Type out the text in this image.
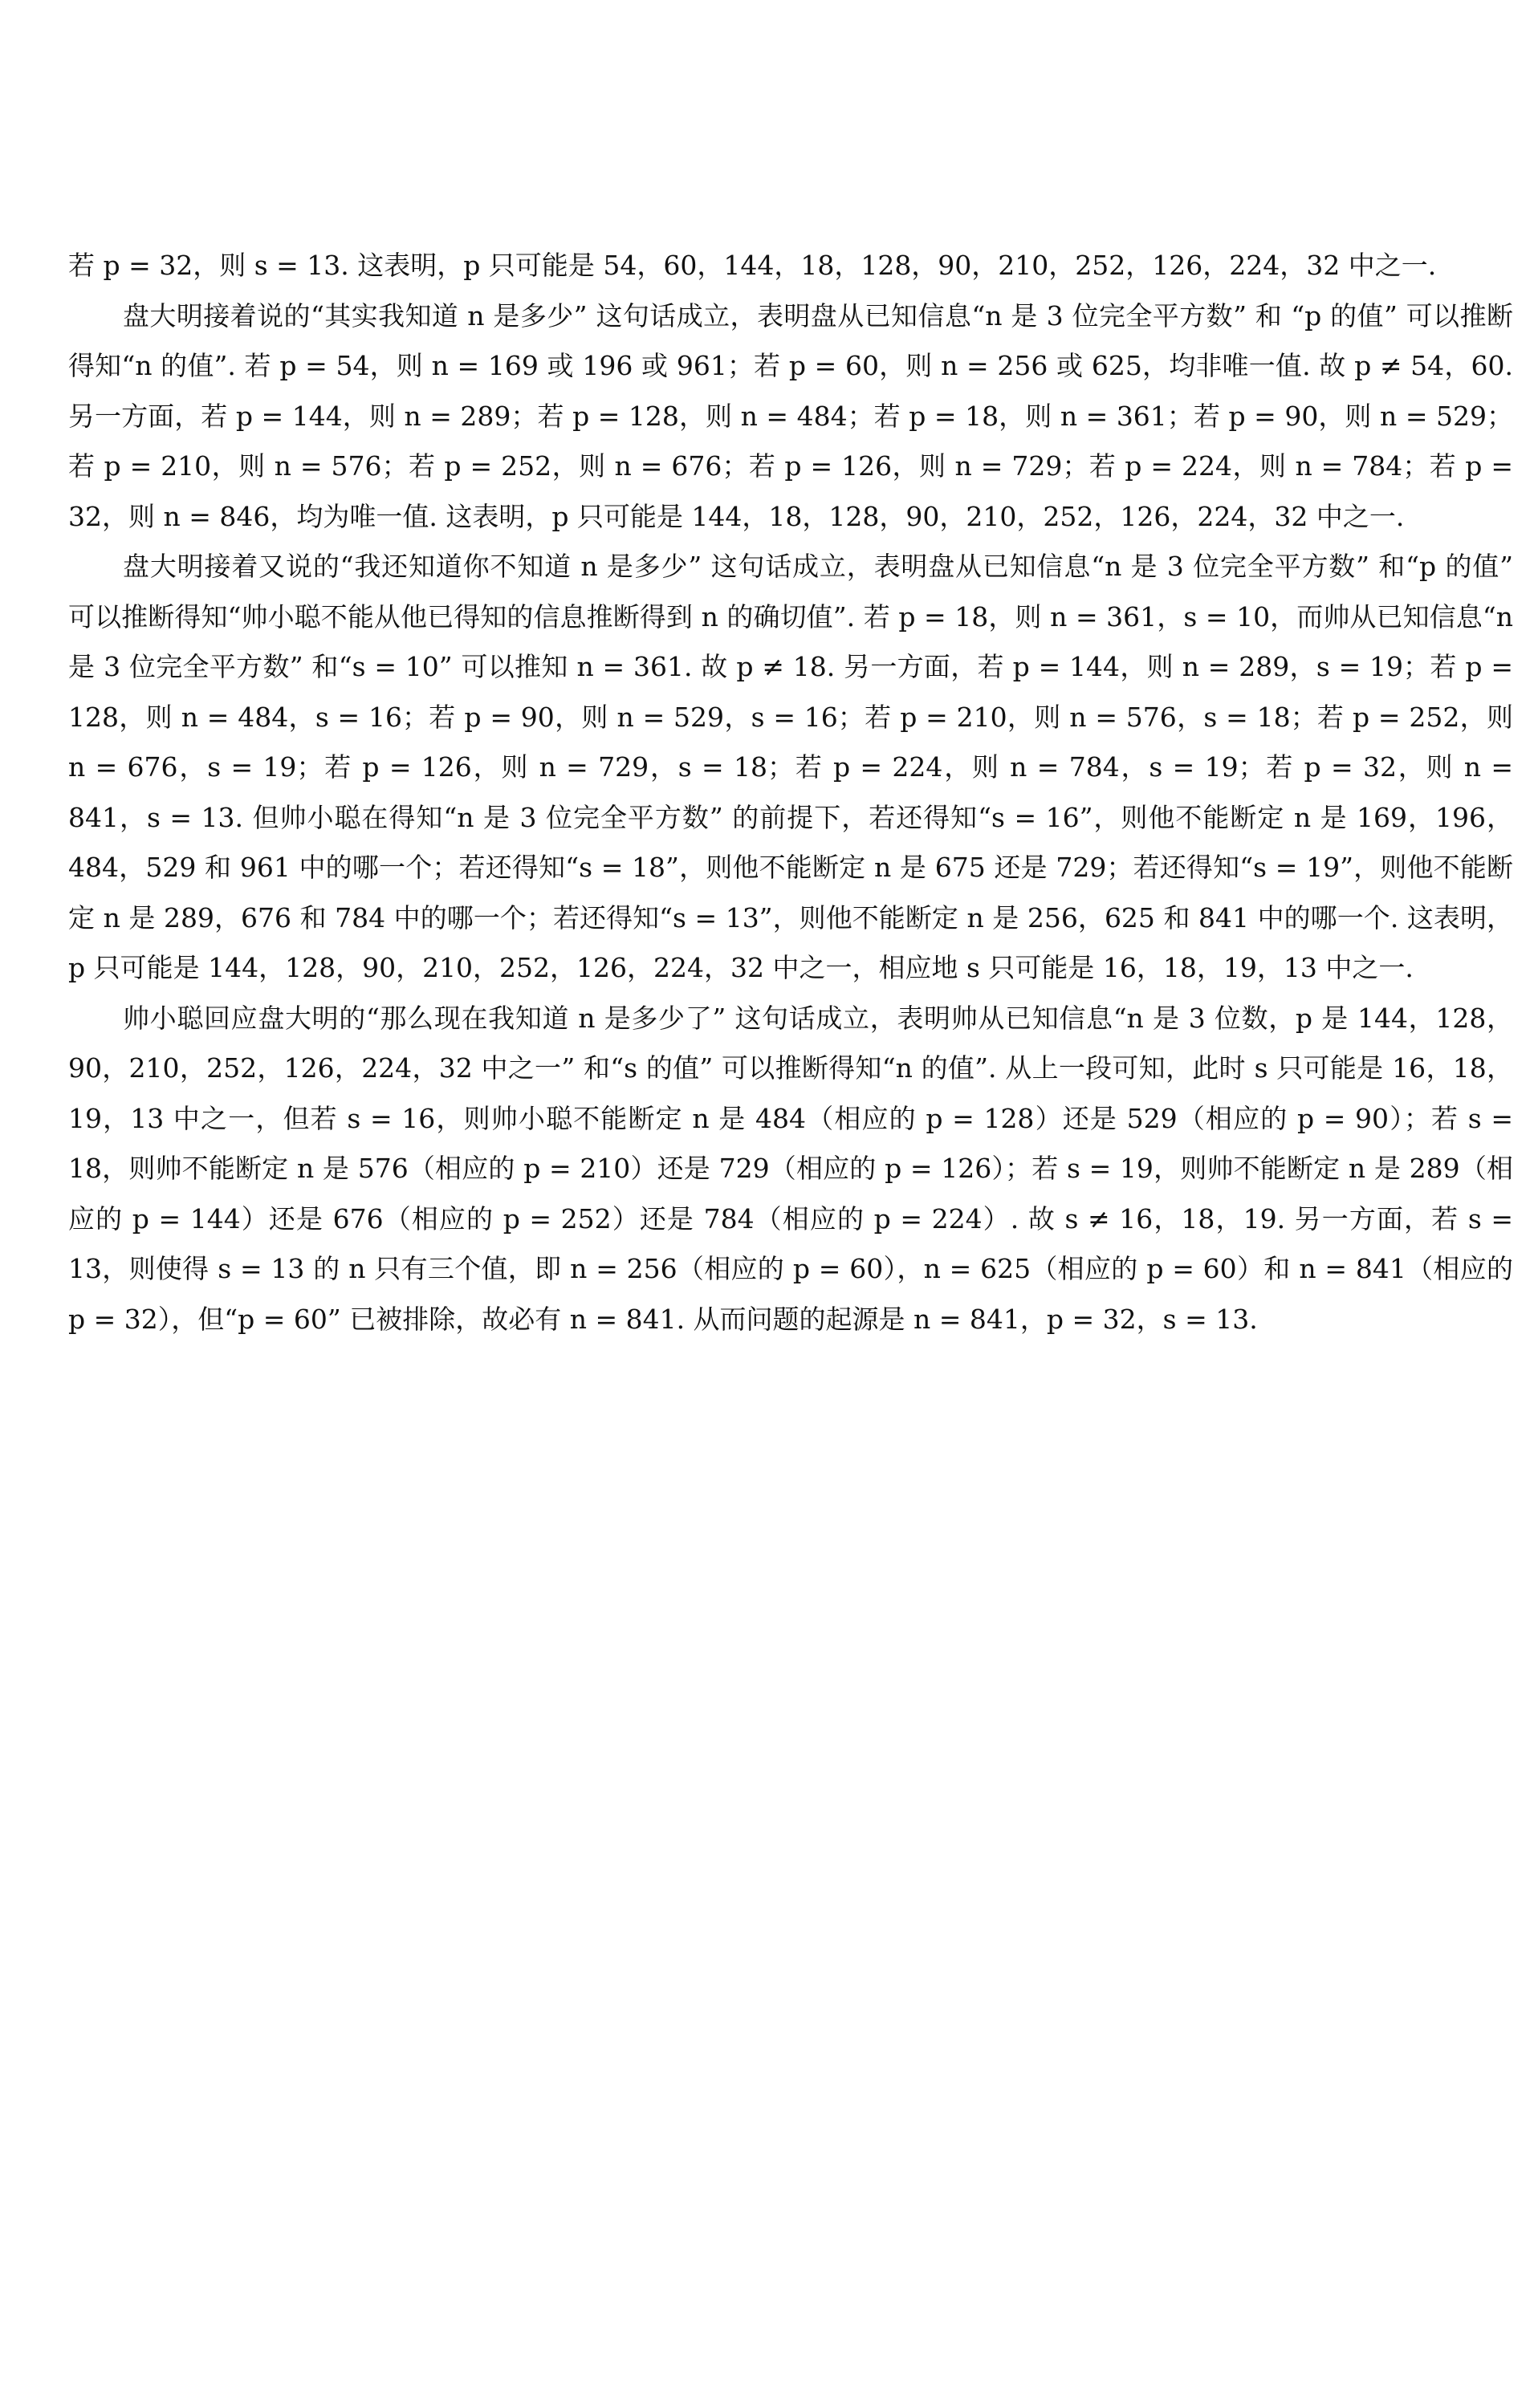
若 p = 32，则 s = 13. 这表明，p 只可能是 54，60，144，18，128，90，210，252，126，224，32 中之一.

盘大明接着说的“其实我知道 n 是多少” 这句话成立，表明盘从已知信息“n 是 3 位完全平方数” 和 “p 的值” 可以推断得知“n 的值”. 若 p = 54，则 n = 169 或 196 或 961；若 p = 60，则 n = 256 或 625，均非唯一值. 故 p ≠ 54，60. 另一方面，若 p = 144，则 n = 289；若 p = 128，则 n = 484；若 p = 18，则 n = 361；若 p = 90，则 n = 529；若 p = 210，则 n = 576；若 p = 252，则 n = 676；若 p = 126，则 n = 729；若 p = 224，则 n = 784；若 p = 32，则 n = 846，均为唯一值. 这表明，p 只可能是 144，18，128，90，210，252，126，224，32 中之一.

盘大明接着又说的“我还知道你不知道 n 是多少” 这句话成立，表明盘从已知信息“n 是 3 位完全平方数” 和“p 的值” 可以推断得知“帅小聪不能从他已得知的信息推断得到 n 的确切值”. 若 p = 18，则 n = 361，s = 10，而帅从已知信息“n 是 3 位完全平方数” 和“s = 10” 可以推知 n = 361. 故 p ≠ 18. 另一方面，若 p = 144，则 n = 289，s = 19；若 p = 128，则 n = 484，s = 16；若 p = 90，则 n = 529，s = 16；若 p = 210，则 n = 576，s = 18；若 p = 252，则 n = 676，s = 19；若 p = 126，则 n = 729，s = 18；若 p = 224，则 n = 784，s = 19；若 p = 32，则 n = 841，s = 13. 但帅小聪在得知“n 是 3 位完全平方数” 的前提下，若还得知“s = 16”，则他不能断定 n 是 169，196，484，529 和 961 中的哪一个；若还得知“s = 18”，则他不能断定 n 是 675 还是 729；若还得知“s = 19”，则他不能断定 n 是 289，676 和 784 中的哪一个；若还得知“s = 13”，则他不能断定 n 是 256，625 和 841 中的哪一个. 这表明，p 只可能是 144，128，90，210，252，126，224，32 中之一，相应地 s 只可能是 16，18，19，13 中之一.

帅小聪回应盘大明的“那么现在我知道 n 是多少了” 这句话成立，表明帅从已知信息“n 是 3 位数，p 是 144，128，90，210，252，126，224，32 中之一” 和“s 的值” 可以推断得知“n 的值”. 从上一段可知，此时 s 只可能是 16，18，19，13 中之一，但若 s = 16，则帅小聪不能断定 n 是 484（相应的 p = 128）还是 529（相应的 p = 90）；若 s = 18，则帅不能断定 n 是 576（相应的 p = 210）还是 729（相应的 p = 126）；若 s = 19，则帅不能断定 n 是 289（相应的 p = 144）还是 676（相应的 p = 252）还是 784（相应的 p = 224）. 故 s ≠ 16，18，19. 另一方面，若 s = 13，则使得 s = 13 的 n 只有三个值，即 n = 256（相应的 p = 60），n = 625（相应的 p = 60）和 n = 841（相应的 p = 32），但“p = 60” 已被排除，故必有 n = 841. 从而问题的起源是 n = 841，p = 32，s = 13.
